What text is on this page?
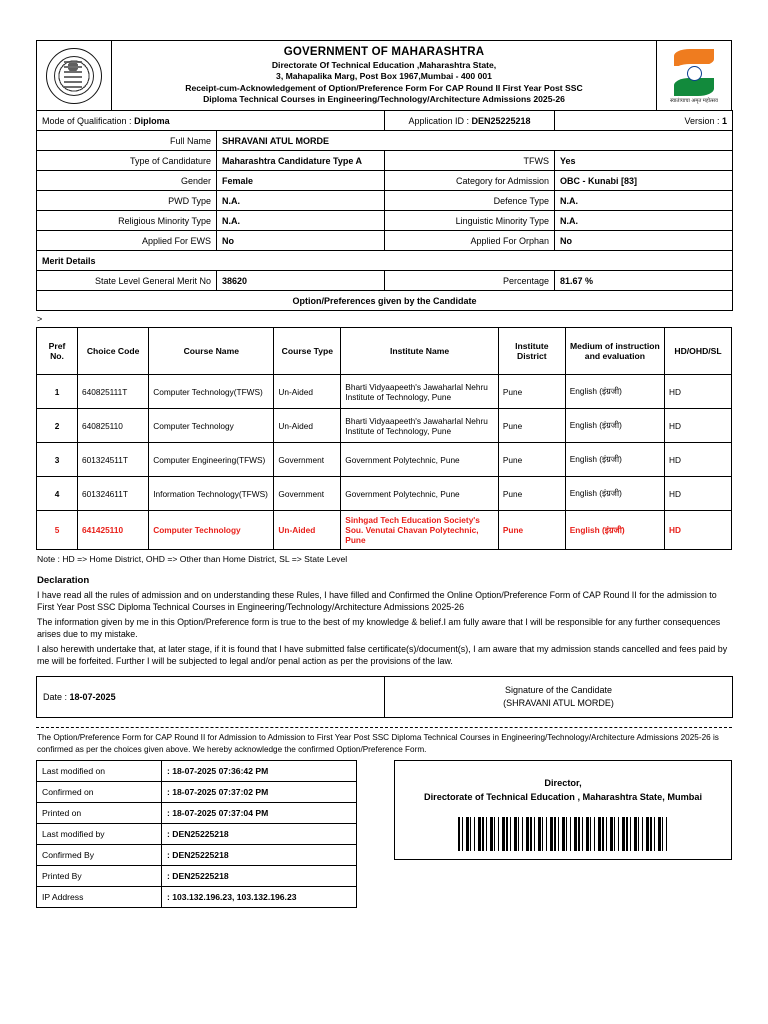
GOVERNMENT OF MAHARASHTRA
Directorate Of Technical Education ,Maharashtra State,
3, Mahapalika Marg, Post Box 1967,Mumbai - 400 001
Receipt-cum-Acknowledgement of Option/Preference Form For CAP Round II First Year Post SSC
Diploma Technical Courses in Engineering/Technology/Architecture Admissions 2025-26	स्वातंत्र्याचा अमृत महोत्सव
Mode of Qualification : Diploma		Application ID : DEN25225218	Version : 1
Full Name	SHRAVANI ATUL MORDE		
Type of Candidature	Maharashtra Candidature Type A	TFWS	Yes
Gender	Female	Category for Admission	OBC - Kunabi [83]
PWD Type	N.A.	Defence Type	N.A.
Religious Minority Type	N.A.	Linguistic Minority Type	N.A.
Applied For EWS	No	Applied For Orphan	No
Merit Details			
State Level General Merit No	38620	Percentage	81.67 %
Option/Preferences given by the Candidate			
>
Pref No.	Choice Code	Course Name	Course Type	Institute Name	Institute District	Medium of instruction and evaluation	HD/OHD/SL
1	640825111T	Computer Technology(TFWS)	Un-Aided	Bharti Vidyaapeeth's Jawaharlal Nehru Institute of Technology, Pune	Pune	English (इंग्रजी)	HD
2	640825110	Computer Technology	Un-Aided	Bharti Vidyaapeeth's Jawaharlal Nehru Institute of Technology, Pune	Pune	English (इंग्रजी)	HD
3	601324511T	Computer Engineering(TFWS)	Government	Government Polytechnic, Pune	Pune	English (इंग्रजी)	HD
4	601324611T	Information Technology(TFWS)	Government	Government Polytechnic, Pune	Pune	English (इंग्रजी)	HD
5	641425110	Computer Technology	Un-Aided	Sinhgad Tech Education Society's Sou. Venutai Chavan Polytechnic, Pune	Pune	English (इंग्रजी)	HD
Note : HD => Home District, OHD => Other than Home District, SL => State Level
Declaration

I have read all the rules of admission and on understanding these Rules, I have filled and Confirmed the Online Option/Preference Form of CAP Round II for the admission to First Year Post SSC Diploma Technical Courses in Engineering/Technology/Architecture Admissions 2025-26

The information given by me in this Option/Preference form is true to the best of my knowledge & belief.I am fully aware that I will be responsible for any further consequences arises due to my mistake.

I also herewith undertake that, at later stage, if it is found that I have submitted false certificate(s)/document(s), I am aware that my admission stands cancelled and fees paid by me will be forfeited. Further I will be subjected to legal and/or penal action as per the provisions of the law.

Date : 18-07-2025	
Signature of the Candidate
(SHRAVANI ATUL MORDE)

The Option/Preference Form for CAP Round II for Admission to Admission to First Year Post SSC Diploma Technical Courses in Engineering/Technology/Architecture Admissions 2025-26 is confirmed as per the choices given above. We hereby acknowledge the confirmed Option/Preference Form.

Last modified on	: 18-07-2025 07:36:42 PM
Confirmed on	: 18-07-2025 07:37:02 PM
Printed on	: 18-07-2025 07:37:04 PM
Last modified by	: DEN25225218
Confirmed By	: DEN25225218
Printed By	: DEN25225218
IP Address	: 103.132.196.23, 103.132.196.23

Director,
Directorate of Technical Education , Maharashtra State, Mumbai
